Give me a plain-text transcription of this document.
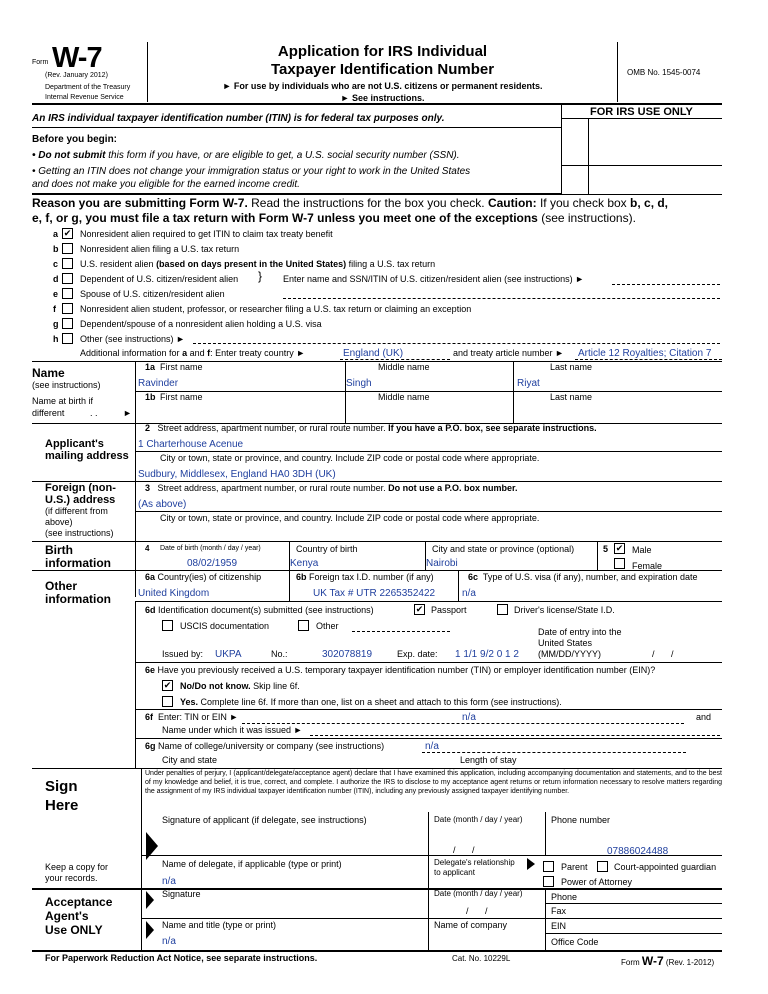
Form W-7
(Rev. January 2012)
Department of the Treasury
Internal Revenue Service
Application for IRS Individual
Taxpayer Identification Number
► For use by individuals who are not U.S. citizens or permanent residents.
► See instructions.
OMB No. 1545-0074
FOR IRS USE ONLY
An IRS individual taxpayer identification number (ITIN) is for federal tax purposes only.
Before you begin:
• Do not submit this form if you have, or are eligible to get, a U.S. social security number (SSN).
• Getting an ITIN does not change your immigration status or your right to work in the United States
and does not make you eligible for the earned income credit.
Reason you are submitting Form W-7. Read the instructions for the box you check. Caution: If you check box b, c, d,
e, f, or g, you must file a tax return with Form W-7 unless you meet one of the exceptions (see instructions).
a ✔ Nonresident alien required to get ITIN to claim tax treaty benefit
b Nonresident alien filing a U.S. tax return
c U.S. resident alien (based on days present in the United States) filing a U.S. tax return
d Dependent of U.S. citizen/resident alien } Enter name and SSN/ITIN of U.S. citizen/resident alien (see instructions) ►
e Spouse of U.S. citizen/resident alien
f	Nonresident alien student, professor, or researcher filing a U.S. tax return or claiming an exception
g Dependent/spouse of a nonresident alien holding a U.S. visa
h Other (see instructions) ►
Additional information for a and f: Enter treaty country ►	England (UK)	and treaty article number ► Article 12 Royalties; Citation 7
Name
(see instructions)
Name at birth if
different	. .	►
1a First name	Middle name	Last name
Ravinder	Singh	Riyat
1b First name	Middle name	Last name
Applicant's
mailing address
2 Street address, apartment number, or rural route number. If you have a P.O. box, see separate instructions.
1 Charterhouse Acenue
City or town, state or province, and country. Include ZIP code or postal code where appropriate.
Sudbury, Middlesex, England HA0 3DH (UK)
Foreign (non-
U.S.) address
(if different from
above)
(see instructions)
3 Street address, apartment number, or rural route number. Do not use a P.O. box number.
(As above)
City or town, state or province, and country. Include ZIP code or postal code where appropriate.
Birth
information
4 Date of birth (month / day / year)	Country of birth	City and state or province (optional)	5 ✔ Male
Female
08/02/1959	Kenya	Nairobi
Other
information
6a Country(ies) of citizenship	6b Foreign tax I.D. number (if any)	6c Type of U.S. visa (if any), number, and expiration date
United Kingdom	UK Tax # UTR 2265352422	n/a
6d Identification document(s) submitted (see instructions)	✔ Passport	Driver's license/State I.D.
USCIS documentation	Other
Date of entry into the
United States
(MM/DD/YYYY)	/ /
Issued by: UKPA	No.:	302078819	Exp. date: 1 1/1 9/2 0 1 2
6e Have you previously received a U.S. temporary taxpayer identification number (TIN) or employer identification number (EIN)?
✔ No/Do not know. Skip line 6f.
Yes. Complete line 6f. If more than one, list on a sheet and attach to this form (see instructions).
6f Enter: TIN or EIN ►	n/a	and
Name under which it was issued ►
6g Name of college/university or company (see instructions)	n/a
City and state	Length of stay
Sign
Here
Under penalties of perjury, I (applicant/delegate/acceptance agent) declare that I have examined this application, including accompanying documentation and statements, and to the best of my knowledge and belief, it is true, correct, and complete. I authorize the IRS to disclose to my acceptance agent returns or return information necessary to resolve matters regarding the assignment of my IRS individual taxpayer identification number (ITIN), including any previously assigned taxpayer identifying number.
Signature of applicant (if delegate, see instructions)	Date (month / day / year)	Phone number
/ /	07886024488
Keep a copy for
your records.
Name of delegate, if applicable (type or print)
n/a
Delegate's relationship
to applicant
Parent	Court-appointed guardian
Power of Attorney
Acceptance
Agent's
Use ONLY
Signature	Date (month / day / year)
/ /
Phone
Fax
Name and title (type or print)
n/a
Name of company	EIN
Office Code
For Paperwork Reduction Act Notice, see separate instructions.	Cat. No. 10229L	Form W-7 (Rev. 1-2012)
